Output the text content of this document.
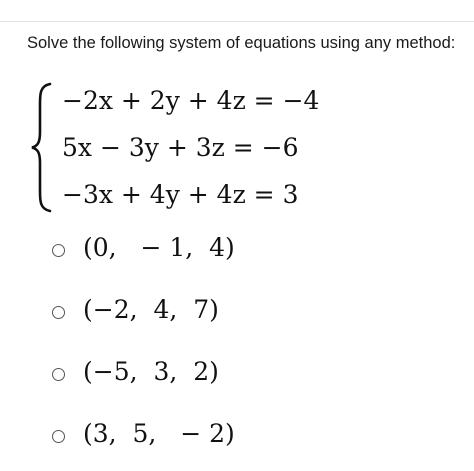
Solve the following system of equations using any method:
−2x + 2y + 4z = −4
5x − 3y + 3z = −6
−3x + 4y + 4z = 3
(0,   − 1,  4)
(−2,  4,  7)
(−5,  3,  2)
(3,  5,   − 2)
